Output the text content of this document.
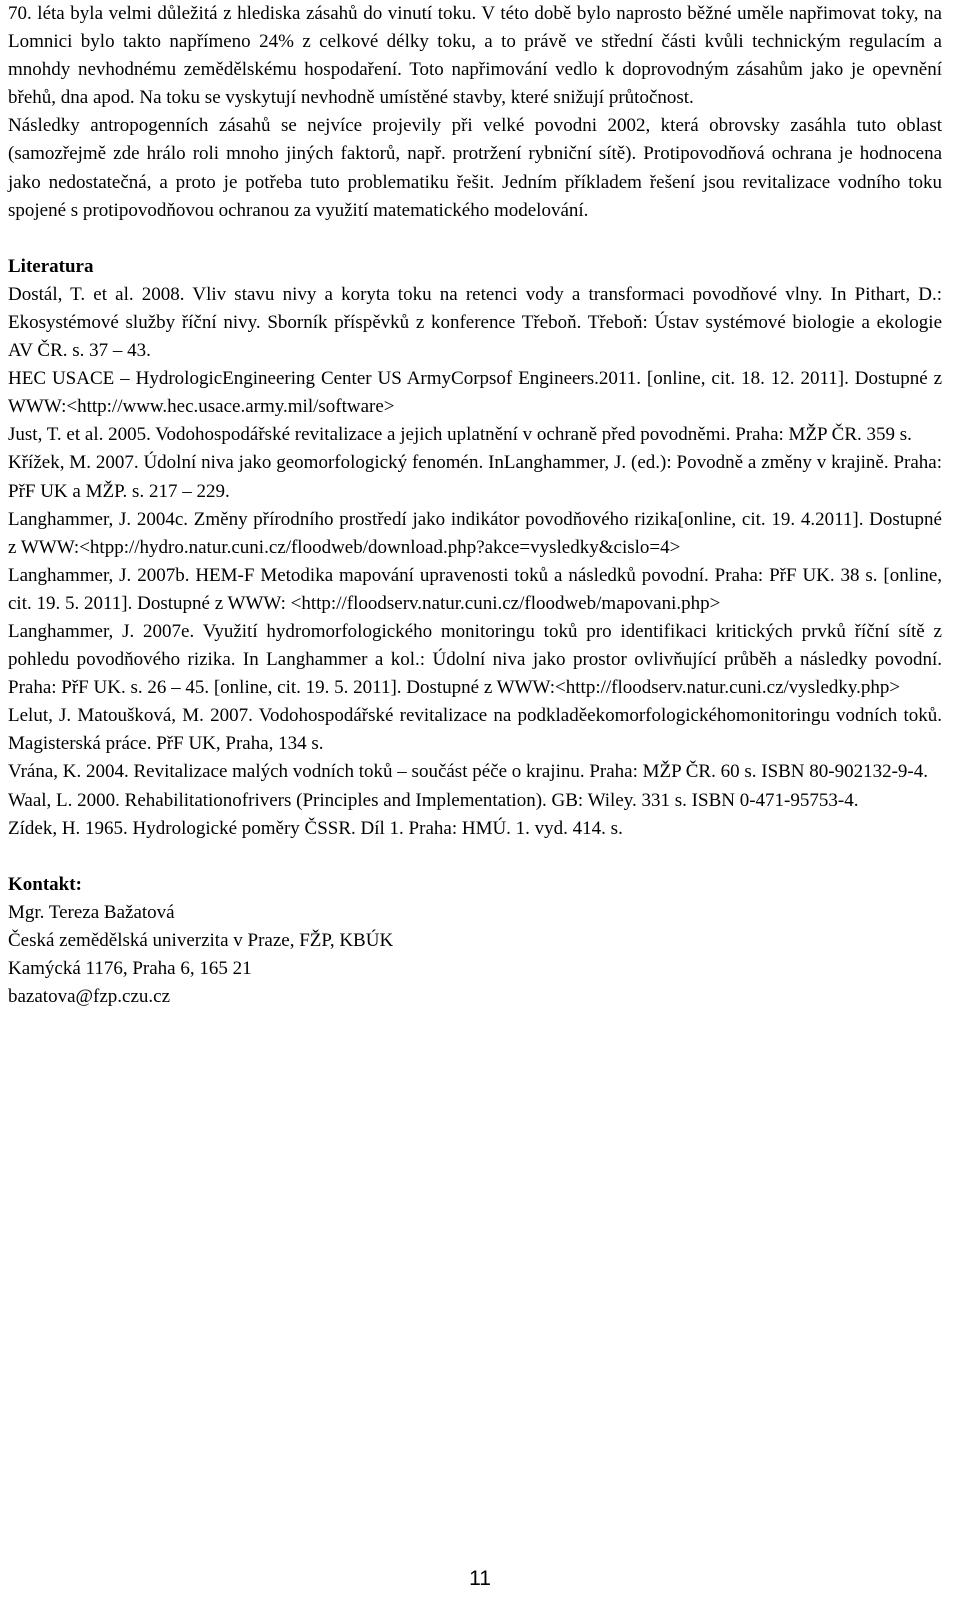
70. léta byla velmi důležitá z hlediska zásahů do vinutí toku. V této době bylo naprosto běžné uměle napřimovat toky, na Lomnici bylo takto napřímeno 24% z celkové délky toku, a to právě ve střední části kvůli technickým regulacím a mnohdy nevhodnému zemědělskému hospodaření. Toto napřimování vedlo k doprovodným zásahům jako je opevnění břehů, dna apod. Na toku se vyskytují nevhodně umístěné stavby, které snižují průtočnost.

Následky antropogenních zásahů se nejvíce projevily při velké povodni 2002, která obrovsky zasáhla tuto oblast (samozřejmě zde hrálo roli mnoho jiných faktorů, např. protržení rybniční sítě). Protipovodňová ochrana je hodnocena jako nedostatečná, a proto je potřeba tuto problematiku řešit. Jedním příkladem řešení jsou revitalizace vodního toku spojené s protipovodňovou ochranou za využití matematického modelování.

Literatura

Dostál, T. et al. 2008. Vliv stavu nivy a koryta toku na retenci vody a transformaci povodňové vlny. In Pithart, D.: Ekosystémové služby říční nivy. Sborník příspěvků z konference Třeboň. Třeboň: Ústav systémové biologie a ekologie AV ČR. s. 37 – 43.

HEC USACE – HydrologicEngineering Center US ArmyCorpsof Engineers.2011. [online, cit. 18. 12. 2011]. Dostupné z WWW:<http://www.hec.usace.army.mil/software>

Just, T. et al. 2005. Vodohospodářské revitalizace a jejich uplatnění v ochraně před povodněmi. Praha: MŽP ČR. 359 s.

Křížek, M. 2007. Údolní niva jako geomorfologický fenomén. InLanghammer, J. (ed.): Povodně a změny v krajině. Praha: PřF UK a MŽP. s. 217 – 229.

Langhammer, J. 2004c. Změny přírodního prostředí jako indikátor povodňového rizika[online, cit. 19. 4.2011]. Dostupné z WWW:<htpp://hydro.natur.cuni.cz/floodweb/download.php?akce=vysledky&cislo=4>

Langhammer, J. 2007b. HEM-F Metodika mapování upravenosti toků a následků povodní. Praha: PřF UK. 38 s. [online, cit. 19. 5. 2011]. Dostupné z WWW: <http://floodserv.natur.cuni.cz/floodweb/mapovani.php>

Langhammer, J. 2007e. Využití hydromorfologického monitoringu toků pro identifikaci kritických prvků říční sítě z pohledu povodňového rizika. In Langhammer a kol.: Údolní niva jako prostor ovlivňující průběh a následky povodní. Praha: PřF UK. s. 26 – 45. [online, cit. 19. 5. 2011]. Dostupné z WWW:<http://floodserv.natur.cuni.cz/vysledky.php>

Lelut, J. Matoušková, M. 2007. Vodohospodářské revitalizace na podkladěekomorfologickéhomonitoringu vodních toků. Magisterská práce. PřF UK, Praha, 134 s.

Vrána, K. 2004. Revitalizace malých vodních toků – součást péče o krajinu. Praha: MŽP ČR. 60 s. ISBN 80-902132-9-4.

Waal, L. 2000. Rehabilitationofrivers (Principles and Implementation). GB: Wiley. 331 s. ISBN 0-471-95753-4.

Zídek, H. 1965. Hydrologické poměry ČSSR. Díl 1. Praha: HMÚ. 1. vyd. 414. s.

Kontakt:

Mgr. Tereza Bažatová

Česká zemědělská univerzita v Praze, FŽP, KBÚK

Kamýcká 1176, Praha 6, 165 21

bazatova@fzp.czu.cz

11
